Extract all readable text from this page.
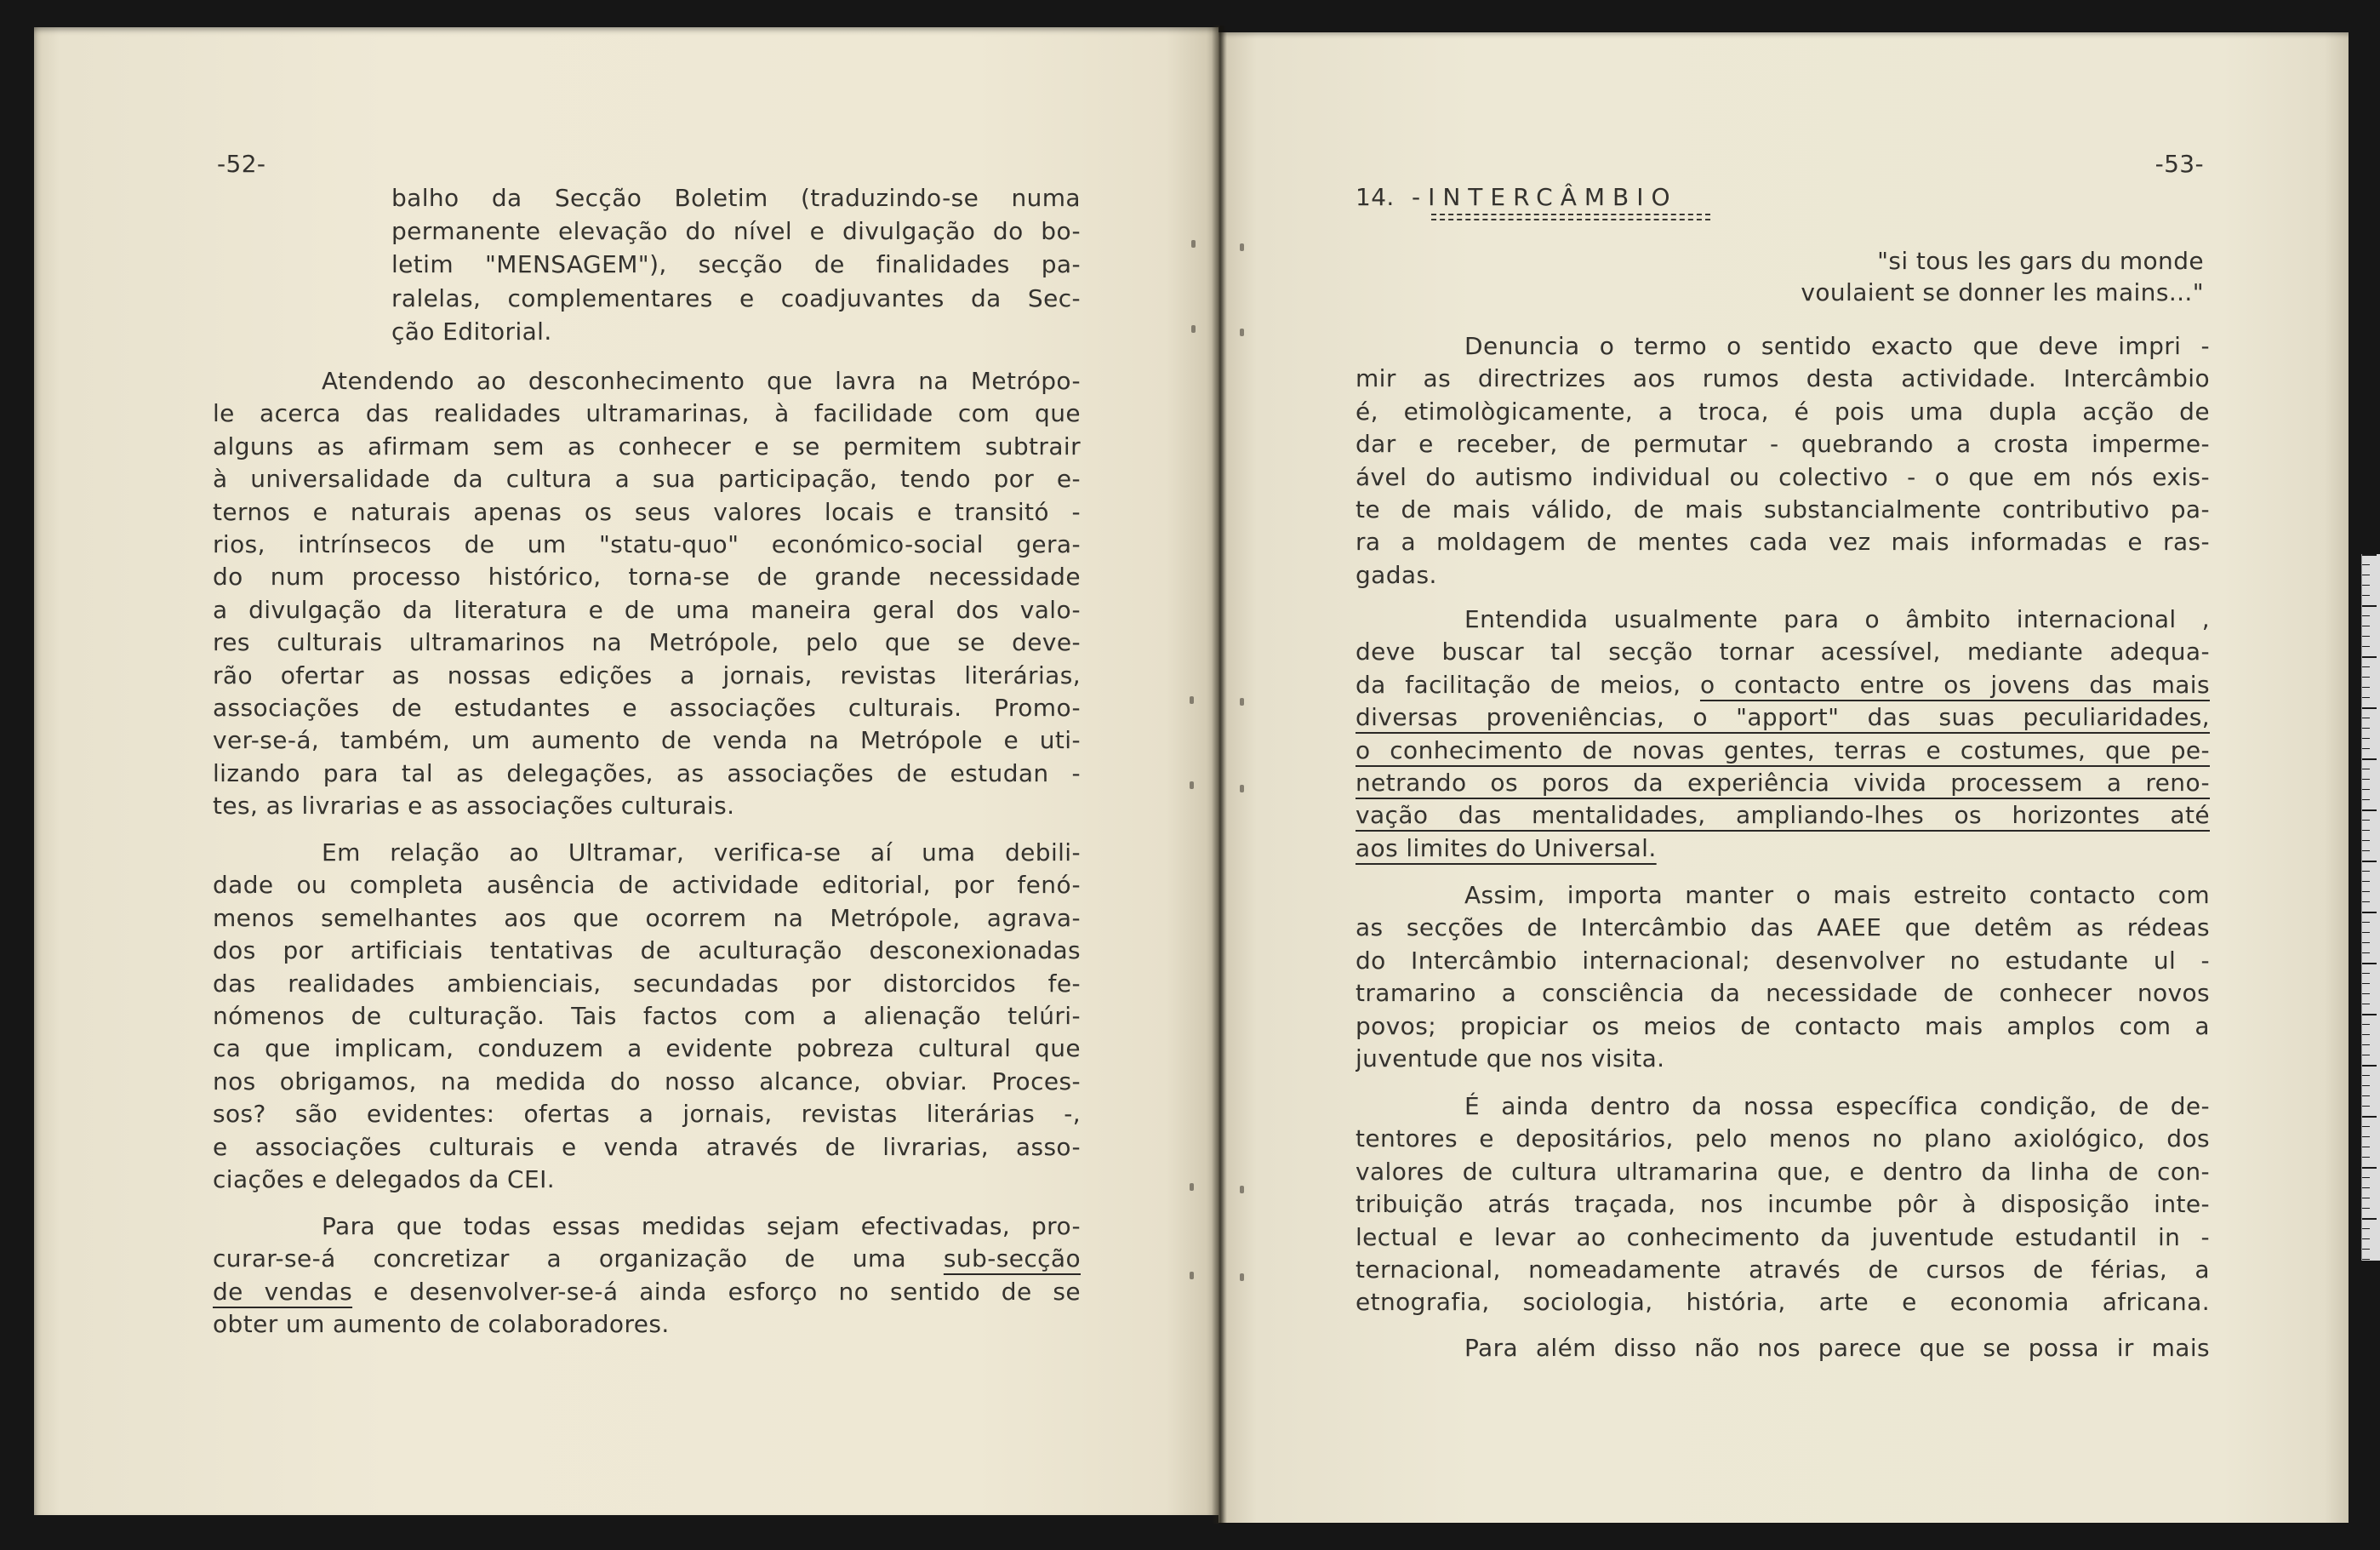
-52-
balho da Secção Boletim (traduzindo-se numa
permanente elevação do nível e divulgação do bo-
letim "MENSAGEM"), secção de finalidades pa-
ralelas, complementares e coadjuvantes da Sec-
ção Editorial.
Atendendo ao desconhecimento que lavra na Metrópo-
le acerca das realidades ultramarinas, à facilidade com que
alguns as afirmam sem as conhecer e se permitem subtrair
à universalidade da cultura a sua participação, tendo por e-
ternos e naturais apenas os seus valores locais e transitó -
rios, intrínsecos de um "statu-quo" económico-social gera-
do num processo histórico, torna-se de grande necessidade
a divulgação da literatura e de uma maneira geral dos valo-
res culturais ultramarinos na Metrópole, pelo que se deve-
rão ofertar as nossas edições a jornais, revistas literárias,
associações de estudantes e associações culturais. Promo-
ver-se-á, também, um aumento de venda na Metrópole e uti-
lizando para tal as delegações, as associações de estudan -
tes, as livrarias e as associações culturais.
Em relação ao Ultramar, verifica-se aí uma debili-
dade ou completa ausência de actividade editorial, por fenó-
menos semelhantes aos que ocorrem na Metrópole, agrava-
dos por artificiais tentativas de aculturação desconexionadas
das realidades ambienciais, secundadas por distorcidos fe-
nómenos de culturação. Tais factos com a alienação telúri-
ca que implicam, conduzem a evidente pobreza cultural que
nos obrigamos, na medida do nosso alcance, obviar. Proces-
sos? são evidentes: ofertas a jornais, revistas literárias -,
e associações culturais e venda através de livrarias, asso-
ciações e delegados da CEI.
Para que todas essas medidas sejam efectivadas, pro-
curar-se-á concretizar a organização de uma sub-secção
de vendas e desenvolver-se-á ainda esforço no sentido de se
obter um aumento de colaboradores.
-53-
14. -INTERCÂMBIO
"si tous les gars du monde
voulaient se donner les mains..."
Denuncia o termo o sentido exacto que deve impri -
mir as directrizes aos rumos desta actividade. Intercâmbio
é, etimològicamente, a troca, é pois uma dupla acção de
dar e receber, de permutar - quebrando a crosta imperme-
ável do autismo individual ou colectivo - o que em nós exis-
te de mais válido, de mais substancialmente contributivo pa-
ra a moldagem de mentes cada vez mais informadas e ras-
gadas.
Entendida usualmente para o âmbito internacional ,
deve buscar tal secção tornar acessível, mediante adequa-
da facilitação de meios, o contacto entre os jovens das mais
diversas proveniências, o "apport" das suas peculiaridades,
o conhecimento de novas gentes, terras e costumes, que pe-
netrando os poros da experiência vivida processem a reno-
vação das mentalidades, ampliando-lhes os horizontes até
aos limites do Universal.
Assim, importa manter o mais estreito contacto com
as secções de Intercâmbio das AAEE que detêm as rédeas
do Intercâmbio internacional; desenvolver no estudante ul -
tramarino a consciência da necessidade de conhecer novos
povos; propiciar os meios de contacto mais amplos com a
juventude que nos visita.
É ainda dentro da nossa específica condição, de de-
tentores e depositários, pelo menos no plano axiológico, dos
valores de cultura ultramarina que, e dentro da linha de con-
tribuição atrás traçada, nos incumbe pôr à disposição inte-
lectual e levar ao conhecimento da juventude estudantil in -
ternacional, nomeadamente através de cursos de férias, a
etnografia, sociologia, história, arte e economia africana.
Para além disso não nos parece que se possa ir mais
